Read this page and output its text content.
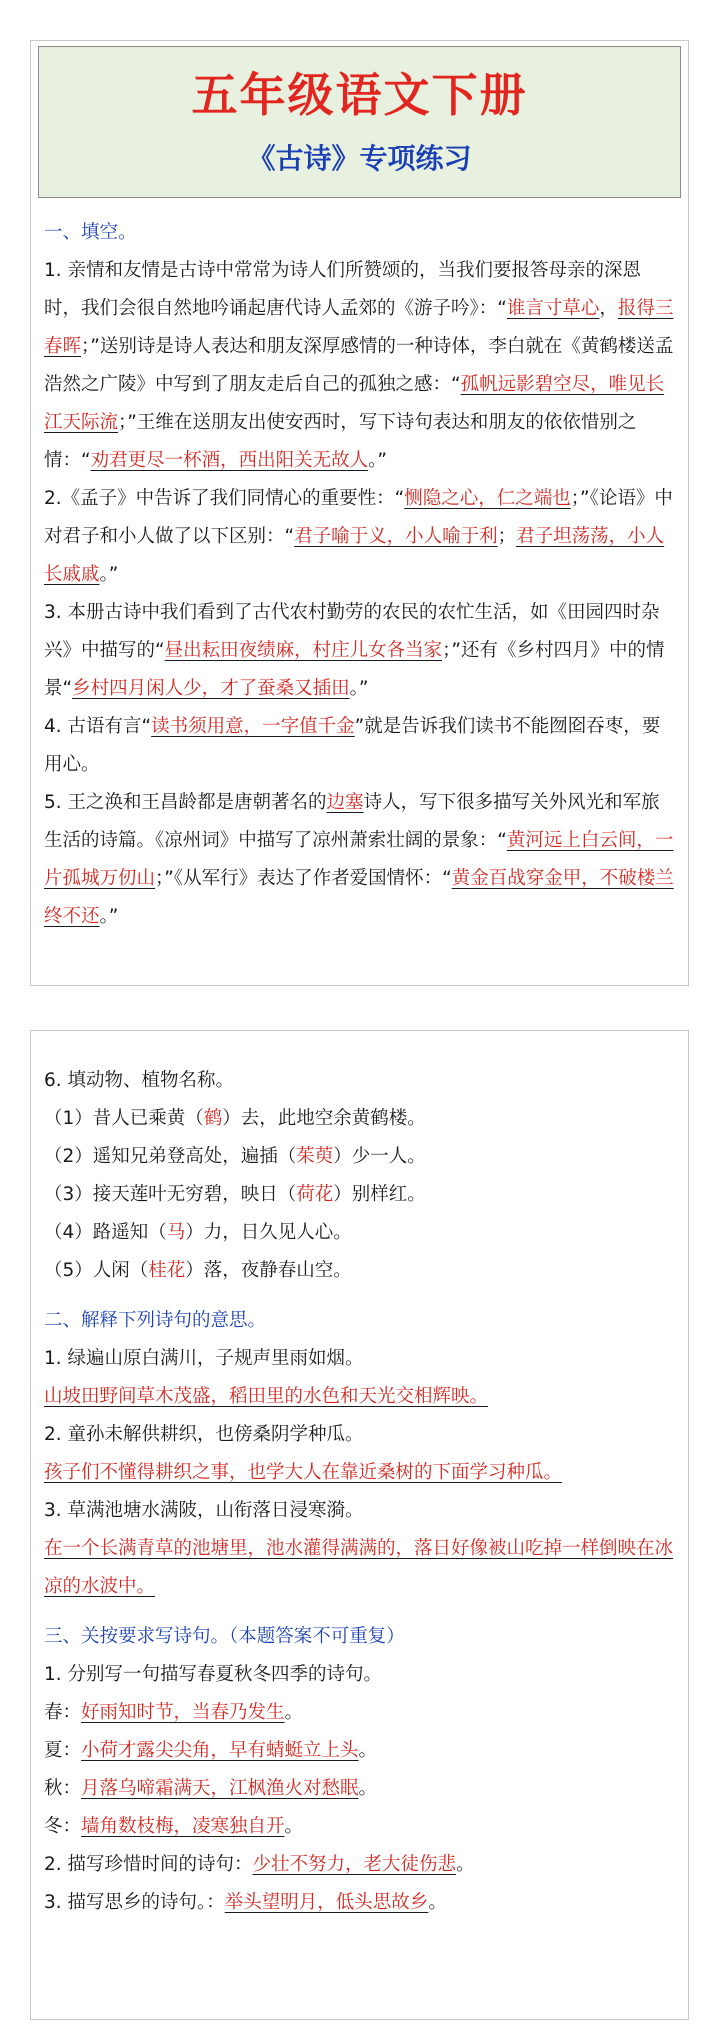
五年级语文下册
《古诗》专项练习

一、填空。

1. 亲情和友情是古诗中常常为诗人们所赞颂的，当我们要报答母亲的深恩时，我们会很自然地吟诵起唐代诗人孟郊的《游子吟》：“谁言寸草心，报得三春晖；”送别诗是诗人表达和朋友深厚感情的一种诗体，李白就在《黄鹤楼送孟浩然之广陵》中写到了朋友走后自己的孤独之感：“孤帆远影碧空尽，唯见长江天际流；”王维在送朋友出使安西时，写下诗句表达和朋友的依依惜别之情：“劝君更尽一杯酒，西出阳关无故人。”

2.《孟子》中告诉了我们同情心的重要性：“恻隐之心，仁之端也；”《论语》中对君子和小人做了以下区别：“君子喻于义，小人喻于利；君子坦荡荡，小人长戚戚。”

3. 本册古诗中我们看到了古代农村勤劳的农民的农忙生活，如《田园四时杂兴》中描写的“昼出耘田夜绩麻，村庄儿女各当家；”还有《乡村四月》中的情景“乡村四月闲人少，才了蚕桑又插田。”

4. 古语有言“读书须用意，一字值千金”就是告诉我们读书不能囫囵吞枣，要用心。

5. 王之涣和王昌龄都是唐朝著名的边塞诗人，写下很多描写关外风光和军旅生活的诗篇。《凉州词》中描写了凉州萧索壮阔的景象：“黄河远上白云间，一片孤城万仞山；”《从军行》表达了作者爱国情怀：“黄金百战穿金甲，不破楼兰终不还。”

6. 填动物、植物名称。

（1）昔人已乘黄（鹤）去，此地空余黄鹤楼。

（2）遥知兄弟登高处，遍插（茱萸）少一人。

（3）接天莲叶无穷碧，映日（荷花）别样红。

（4）路遥知（马）力，日久见人心。

（5）人闲（桂花）落，夜静春山空。

二、解释下列诗句的意思。

1. 绿遍山原白满川，子规声里雨如烟。

山坡田野间草木茂盛，稻田里的水色和天光交相辉映。

2. 童孙未解供耕织，也傍桑阴学种瓜。

孩子们不懂得耕织之事，也学大人在靠近桑树的下面学习种瓜。

3. 草满池塘水满陂，山衔落日浸寒漪。

在一个长满青草的池塘里，池水灌得满满的，落日好像被山吃掉一样倒映在冰凉的水波中。

三、关按要求写诗句。（本题答案不可重复）

1. 分别写一句描写春夏秋冬四季的诗句。

春：好雨知时节，当春乃发生。

夏：小荷才露尖尖角，早有蜻蜓立上头。

秋：月落乌啼霜满天，江枫渔火对愁眠。

冬：墙角数枝梅，凌寒独自开。

2. 描写珍惜时间的诗句：少壮不努力，老大徒伤悲。

3. 描写思乡的诗句。：举头望明月，低头思故乡。
